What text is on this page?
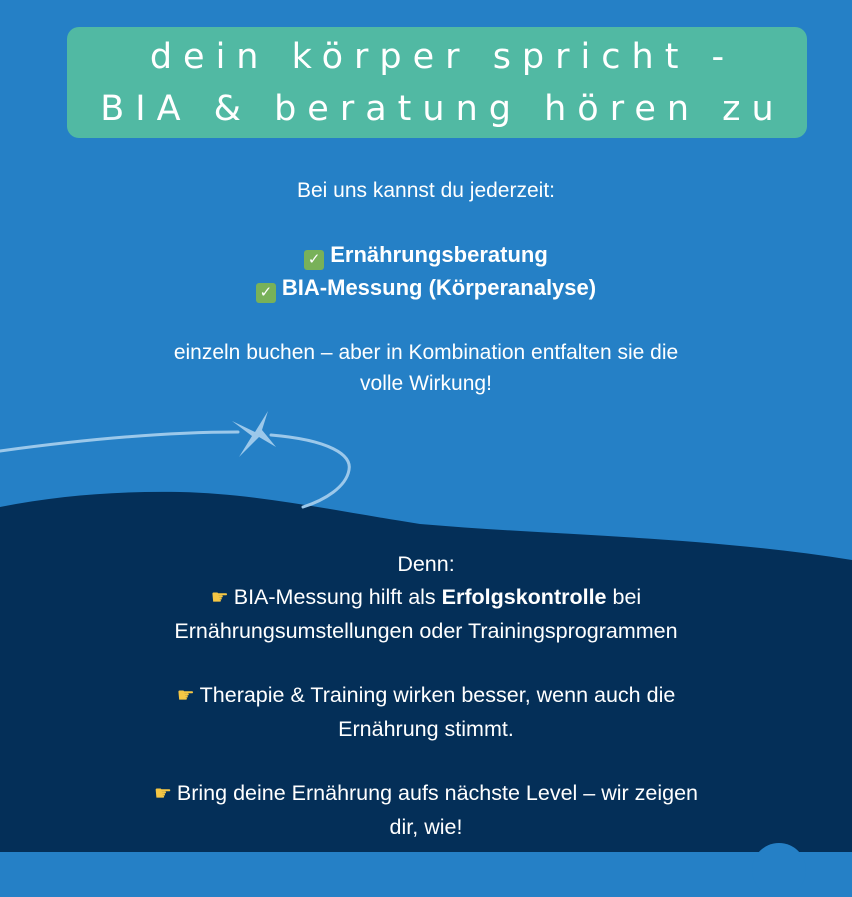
dein körper spricht -
BIA & beratung hören zu
Bei uns kannst du jederzeit:
✓ Ernährungsberatung
✓ BIA-Messung (Körperanalyse)
einzeln buchen – aber in Kombination entfalten sie die
volle Wirkung!
Denn:
☛ BIA-Messung hilft als Erfolgskontrolle bei
Ernährungsumstellungen oder Trainingsprogrammen
☛ Therapie & Training wirken besser, wenn auch die
Ernährung stimmt.
☛ Bring deine Ernährung aufs nächste Level – wir zeigen
dir, wie!
